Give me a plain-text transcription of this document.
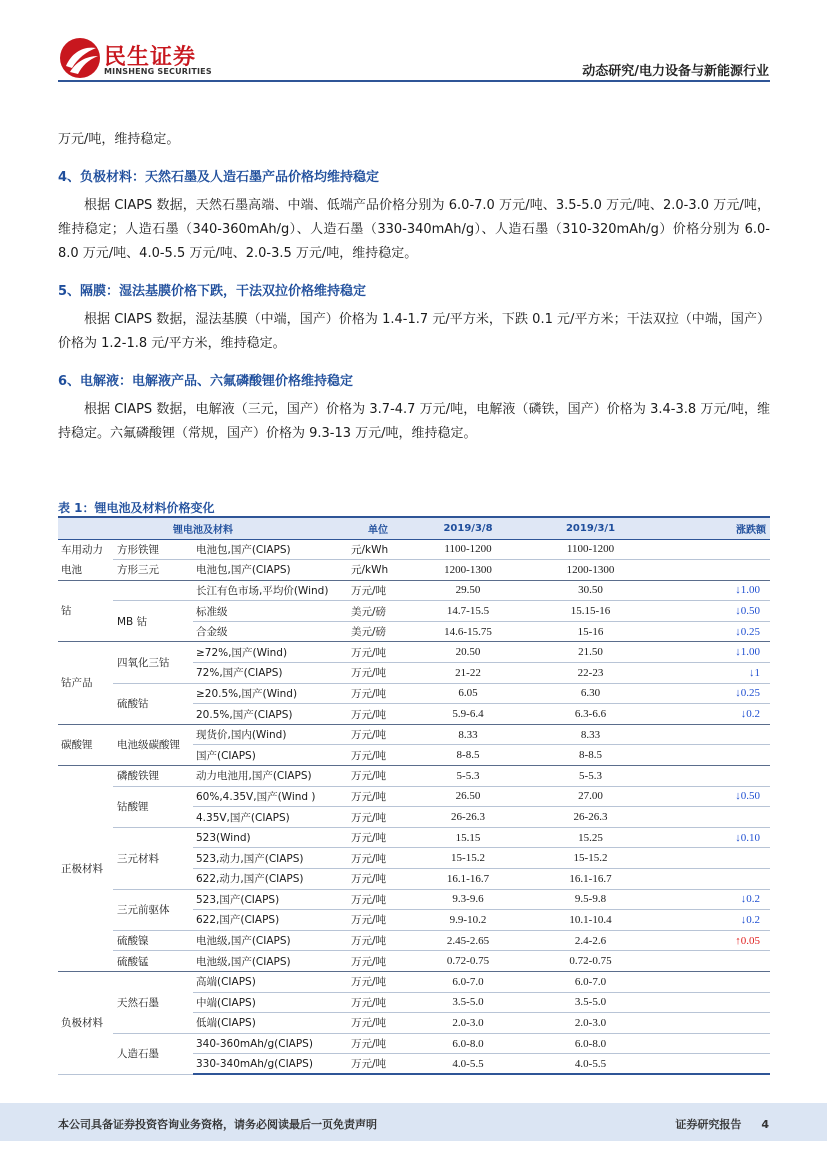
民生证券
MINSHENG SECURITIES	动态研究/电力设备与新能源行业

万元/吨，维持稳定。

4、负极材料：天然石墨及人造石墨产品价格均维持稳定

根据 CIAPS 数据，天然石墨高端、中端、低端产品价格分别为 6.0-7.0 万元/吨、3.5-5.0 万元/吨、2.0-3.0 万元/吨，维持稳定；人造石墨（340-360mAh/g）、人造石墨（330-340mAh/g）、人造石墨（310-320mAh/g）价格分别为 6.0-8.0 万元/吨、4.0-5.5 万元/吨、2.0-3.5 万元/吨，维持稳定。

5、隔膜：湿法基膜价格下跌，干法双拉价格维持稳定

根据 CIAPS 数据，湿法基膜（中端，国产）价格为 1.4-1.7 元/平方米，下跌 0.1 元/平方米；干法双拉（中端，国产）价格为 1.2-1.8 元/平方米，维持稳定。

6、电解液：电解液产品、六氟磷酸锂价格维持稳定

根据 CIAPS 数据，电解液（三元，国产）价格为 3.7-4.7 万元/吨，电解液（磷铁，国产）价格为 3.4-3.8 万元/吨，维持稳定。六氟磷酸锂（常规，国产）价格为 9.3-13 万元/吨，维持稳定。

表 1：锂电池及材料价格变化
锂电池及材料			单位	2019/3/8	2019/3/1	涨跌额
车用动力电池	方形铁锂	电池包,国产(CIAPS)	元/kWh	1100-1200	1100-1200	
	方形三元	电池包,国产(CIAPS)	元/kWh	1200-1300	1200-1300	
钴		长江有色市场,平均价(Wind)	万元/吨	29.50	30.50	↓1.00
	MB 钴	标准级	美元/磅	14.7-15.5	15.15-16	↓0.50
		合金级	美元/磅	14.6-15.75	15-16	↓0.25
钴产品	四氧化三钴	≥72%,国产(Wind)	万元/吨	20.50	21.50	↓1.00
		72%,国产(CIAPS)	万元/吨	21-22	22-23	↓1
	硫酸钴	≥20.5%,国产(Wind)	万元/吨	6.05	6.30	↓0.25
		20.5%,国产(CIAPS)	万元/吨	5.9-6.4	6.3-6.6	↓0.2
碳酸锂	电池级碳酸锂	现货价,国内(Wind)	万元/吨	8.33	8.33	
		国产(CIAPS)	万元/吨	8-8.5	8-8.5	
正极材料	磷酸铁锂	动力电池用,国产(CIAPS)	万元/吨	5-5.3	5-5.3	
	钴酸锂	60%,4.35V,国产(Wind )	万元/吨	26.50	27.00	↓0.50
		4.35V,国产(CIAPS)	万元/吨	26-26.3	26-26.3	
	三元材料	523(Wind)	万元/吨	15.15	15.25	↓0.10
		523,动力,国产(CIAPS)	万元/吨	15-15.2	15-15.2	
		622,动力,国产(CIAPS)	万元/吨	16.1-16.7	16.1-16.7	
	三元前驱体	523,国产(CIAPS)	万元/吨	9.3-9.6	9.5-9.8	↓0.2
		622,国产(CIAPS)	万元/吨	9.9-10.2	10.1-10.4	↓0.2
	硫酸镍	电池级,国产(CIAPS)	万元/吨	2.45-2.65	2.4-2.6	↑0.05
	硫酸锰	电池级,国产(CIAPS)	万元/吨	0.72-0.75	0.72-0.75	
负极材料	天然石墨	高端(CIAPS)	万元/吨	6.0-7.0	6.0-7.0	
		中端(CIAPS)	万元/吨	3.5-5.0	3.5-5.0	
		低端(CIAPS)	万元/吨	2.0-3.0	2.0-3.0	
	人造石墨	340-360mAh/g(CIAPS)	万元/吨	6.0-8.0	6.0-8.0	
		330-340mAh/g(CIAPS)	万元/吨	4.0-5.5	4.0-5.5	
本公司具备证券投资咨询业务资格，请务必阅读最后一页免责声明	证券研究报告 4
